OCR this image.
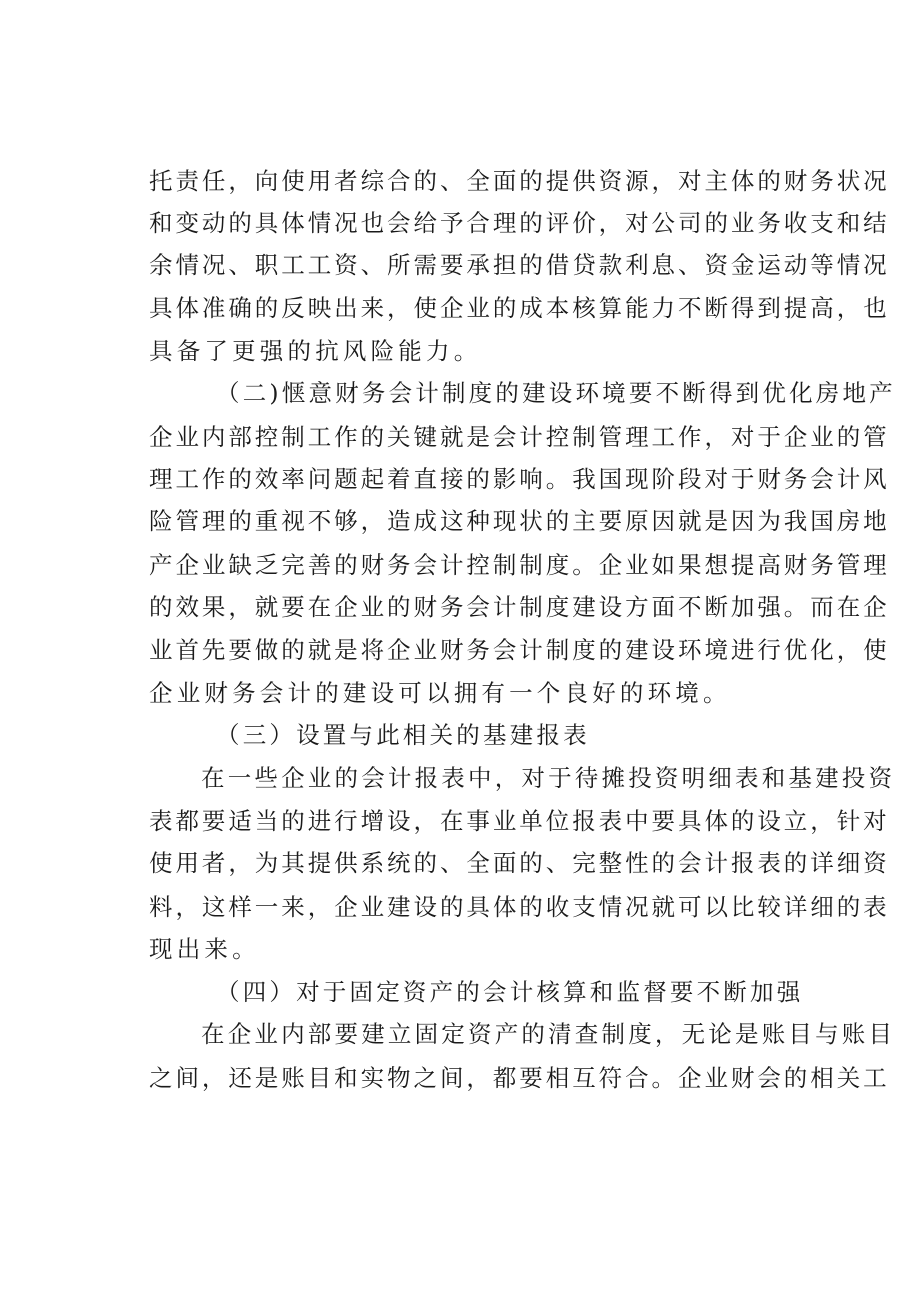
托责任，向使用者综合的、全面的提供资源，对主体的财务状况
和变动的具体情况也会给予合理的评价，对公司的业务收支和结
余情况、职工工资、所需要承担的借贷款利息、资金运动等情况
具体准确的反映出来，使企业的成本核算能力不断得到提高，也
具备了更强的抗风险能力。
（二)惬意财务会计制度的建设环境要不断得到优化房地产
企业内部控制工作的关键就是会计控制管理工作，对于企业的管
理工作的效率问题起着直接的影响。我国现阶段对于财务会计风
险管理的重视不够，造成这种现状的主要原因就是因为我国房地
产企业缺乏完善的财务会计控制制度。企业如果想提高财务管理
的效果，就要在企业的财务会计制度建设方面不断加强。而在企
业首先要做的就是将企业财务会计制度的建设环境进行优化，使
企业财务会计的建设可以拥有一个良好的环境。
（三）设置与此相关的基建报表
在一些企业的会计报表中，对于待摊投资明细表和基建投资
表都要适当的进行增设，在事业单位报表中要具体的设立，针对
使用者，为其提供系统的、全面的、完整性的会计报表的详细资
料，这样一来，企业建设的具体的收支情况就可以比较详细的表
现出来。
（四）对于固定资产的会计核算和监督要不断加强
在企业内部要建立固定资产的清查制度，无论是账目与账目
之间，还是账目和实物之间，都要相互符合。企业财会的相关工
